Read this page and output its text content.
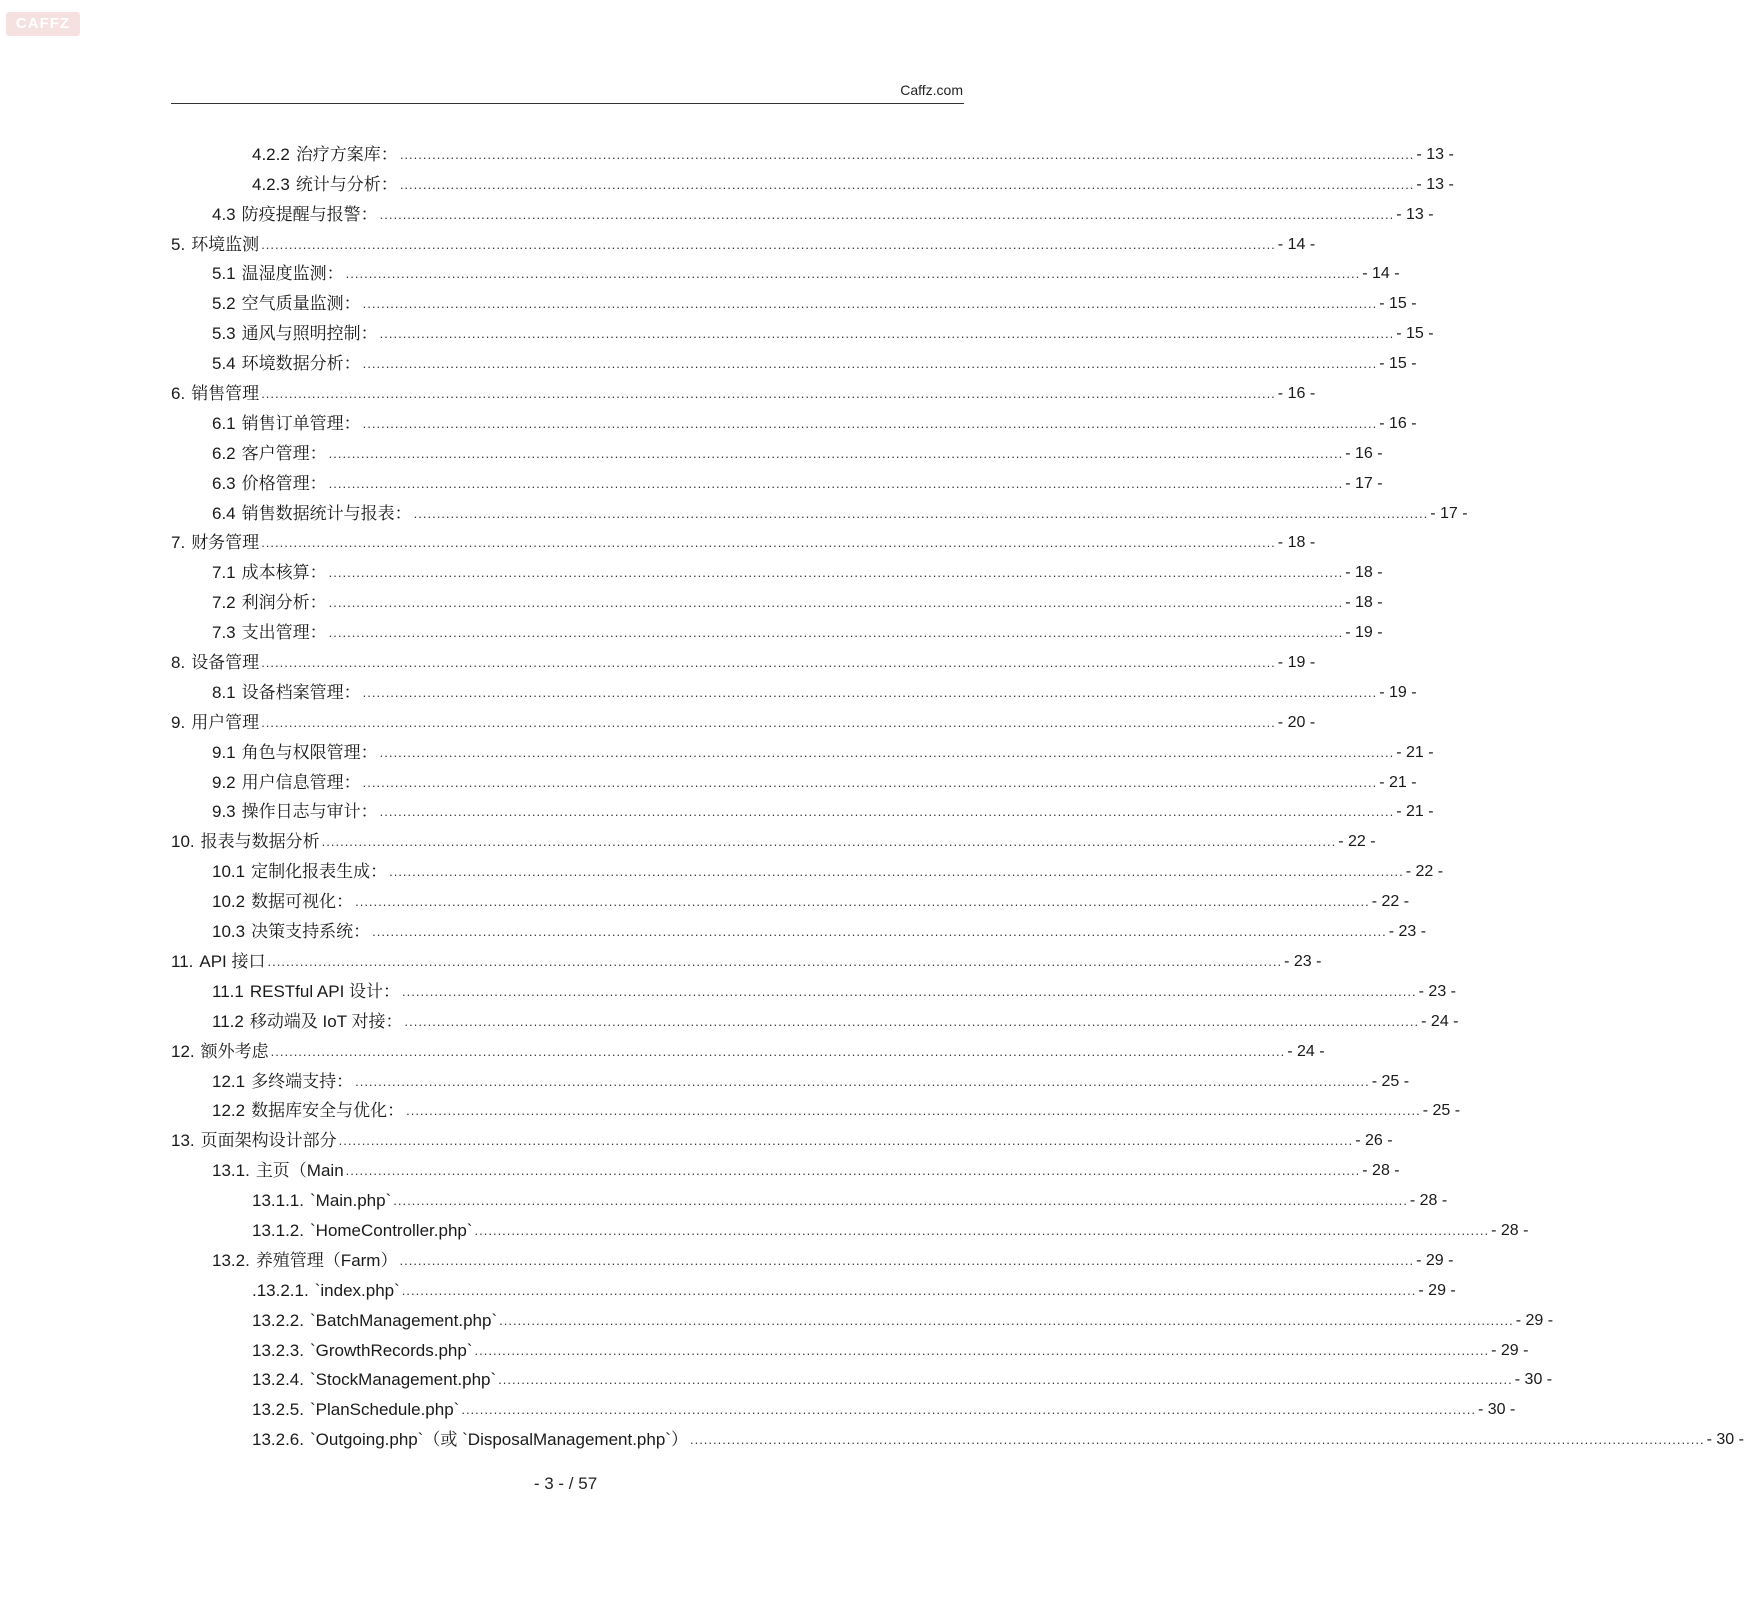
CAFFZ
Caffz.com
4.2.2 治疗方案库： ............................................................................................................................................................................................................................ - 13 -
4.2.3 统计与分析： ............................................................................................................................................................................................................................ - 13 -
4.3 防疫提醒与报警： ............................................................................................................................................................................................................................ - 13 -
5. 环境监测 ............................................................................................................................................................................................................................ - 14 -
5.1 温湿度监测： ............................................................................................................................................................................................................................ - 14 -
5.2 空气质量监测： ............................................................................................................................................................................................................................ - 15 -
5.3 通风与照明控制： ............................................................................................................................................................................................................................ - 15 -
5.4 环境数据分析： ............................................................................................................................................................................................................................ - 15 -
6. 销售管理 ............................................................................................................................................................................................................................ - 16 -
6.1 销售订单管理： ............................................................................................................................................................................................................................ - 16 -
6.2 客户管理： ............................................................................................................................................................................................................................ - 16 -
6.3 价格管理： ............................................................................................................................................................................................................................ - 17 -
6.4 销售数据统计与报表： ............................................................................................................................................................................................................................ - 17 -
7. 财务管理 ............................................................................................................................................................................................................................ - 18 -
7.1 成本核算： ............................................................................................................................................................................................................................ - 18 -
7.2 利润分析： ............................................................................................................................................................................................................................ - 18 -
7.3 支出管理： ............................................................................................................................................................................................................................ - 19 -
8. 设备管理 ............................................................................................................................................................................................................................ - 19 -
8.1 设备档案管理： ............................................................................................................................................................................................................................ - 19 -
9. 用户管理 ............................................................................................................................................................................................................................ - 20 -
9.1 角色与权限管理： ............................................................................................................................................................................................................................ - 21 -
9.2 用户信息管理： ............................................................................................................................................................................................................................ - 21 -
9.3 操作日志与审计： ............................................................................................................................................................................................................................ - 21 -
10. 报表与数据分析 ............................................................................................................................................................................................................................ - 22 -
10.1 定制化报表生成： ............................................................................................................................................................................................................................ - 22 -
10.2 数据可视化： ............................................................................................................................................................................................................................ - 22 -
10.3 决策支持系统： ............................................................................................................................................................................................................................ - 23 -
11. API 接口 ............................................................................................................................................................................................................................ - 23 -
11.1 RESTful API 设计： ............................................................................................................................................................................................................................ - 23 -
11.2 移动端及 IoT 对接： ............................................................................................................................................................................................................................ - 24 -
12. 额外考虑 ............................................................................................................................................................................................................................ - 24 -
12.1 多终端支持： ............................................................................................................................................................................................................................ - 25 -
12.2 数据库安全与优化： ............................................................................................................................................................................................................................ - 25 -
13. 页面架构设计部分 ............................................................................................................................................................................................................................ - 26 -
13.1. 主页（Main ............................................................................................................................................................................................................................ - 28 -
13.1.1. `Main.php` ............................................................................................................................................................................................................................ - 28 -
13.1.2. `HomeController.php` ............................................................................................................................................................................................................................ - 28 -
13.2. 养殖管理（Farm） ............................................................................................................................................................................................................................ - 29 -
.13.2.1. `index.php` ............................................................................................................................................................................................................................ - 29 -
13.2.2. `BatchManagement.php` ............................................................................................................................................................................................................................ - 29 -
13.2.3. `GrowthRecords.php` ............................................................................................................................................................................................................................ - 29 -
13.2.4. `StockManagement.php` ............................................................................................................................................................................................................................ - 30 -
13.2.5. `PlanSchedule.php` ............................................................................................................................................................................................................................ - 30 -
13.2.6. `Outgoing.php`（或 `DisposalManagement.php`） ............................................................................................................................................................................................................................ - 30 -
- 3 - / 57
